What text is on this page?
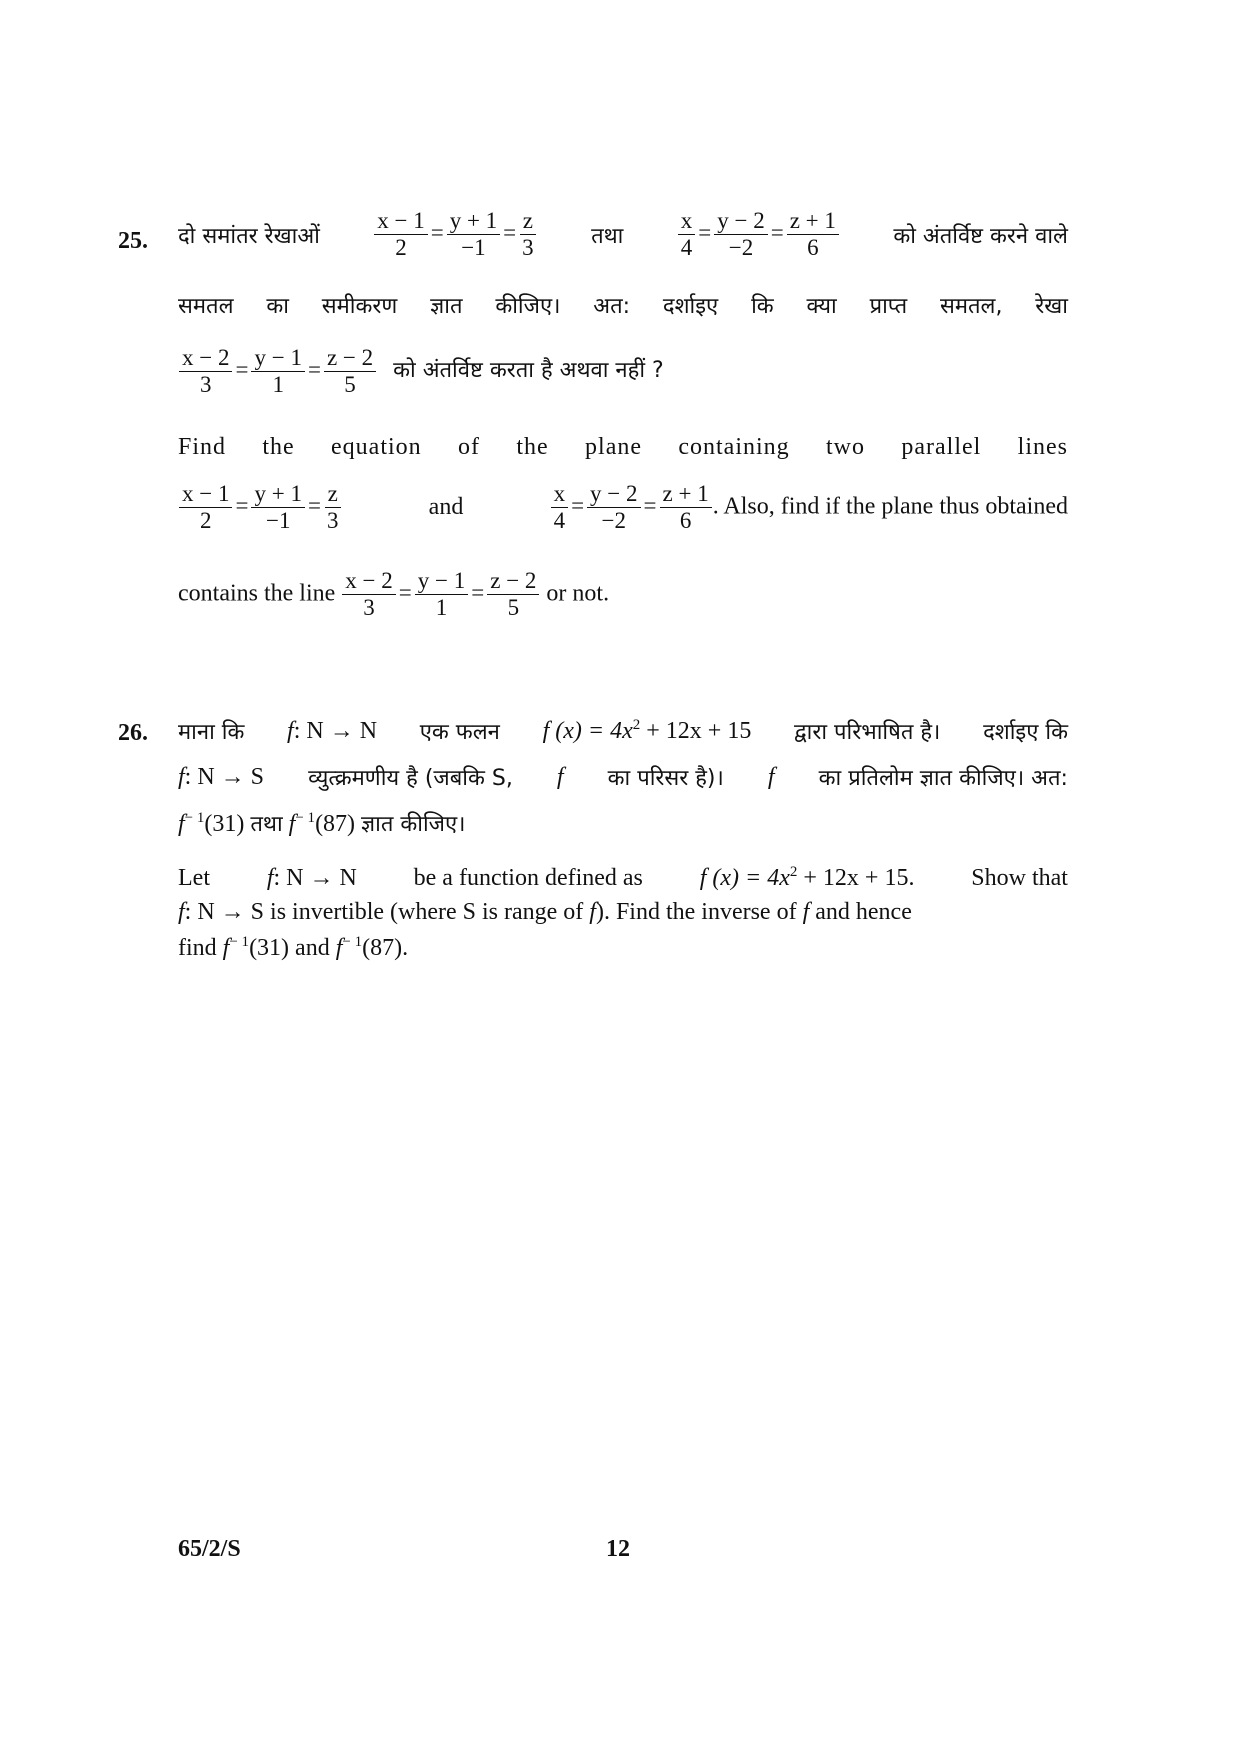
25. दो समांतर रेखाओं $\frac{x - 1}{2} = \frac{y + 1}{-1} = \frac{z}{3}$ तथा $\frac{x}{4} = \frac{y - 2}{-2} = \frac{z + 1}{6}$ को अंतर्विष्ट करने वाले
समतल का समीकरण ज्ञात कीजिए। अत: दर्शाइए कि क्या प्राप्त समतल, रेखा
$\frac{x - 2}{3} = \frac{y - 1}{1} = \frac{z - 2}{5}$ को अंतर्विष्ट करता है अथवा नहीं ?
Find the equation of the plane containing two parallel lines
$\frac{x - 1}{2} = \frac{y + 1}{-1} = \frac{z}{3}$	and	$\frac{x}{4} = \frac{y - 2}{-2} = \frac{z + 1}{6}$ . Also, find if the plane thus obtained
contains the line $\frac{x - 2}{3} = \frac{y - 1}{1} = \frac{z - 2}{5}$ or not.
26. माना कि f: N → N एक फलन f $(x) = 4x^2 + 12x + 15$ द्वारा परिभाषित है। दर्शाइए कि
f: N → S व्युत्क्रमणीय है (जबकि S, f का परिसर है)। f का प्रतिलोम ज्ञात कीजिए। अत:
$f^{- 1}(31)$ तथा $f^{- 1}(87)$ ज्ञात कीजिए।
Let f: N → N be a function defined as f $(x) = 4x^2 + 12x + 15$. Show that
f: N → S is invertible (where S is range of f). Find the inverse of f and hence
find $f^{- 1}(31)$ and $f^{- 1}(87)$.
65/2/S	12
